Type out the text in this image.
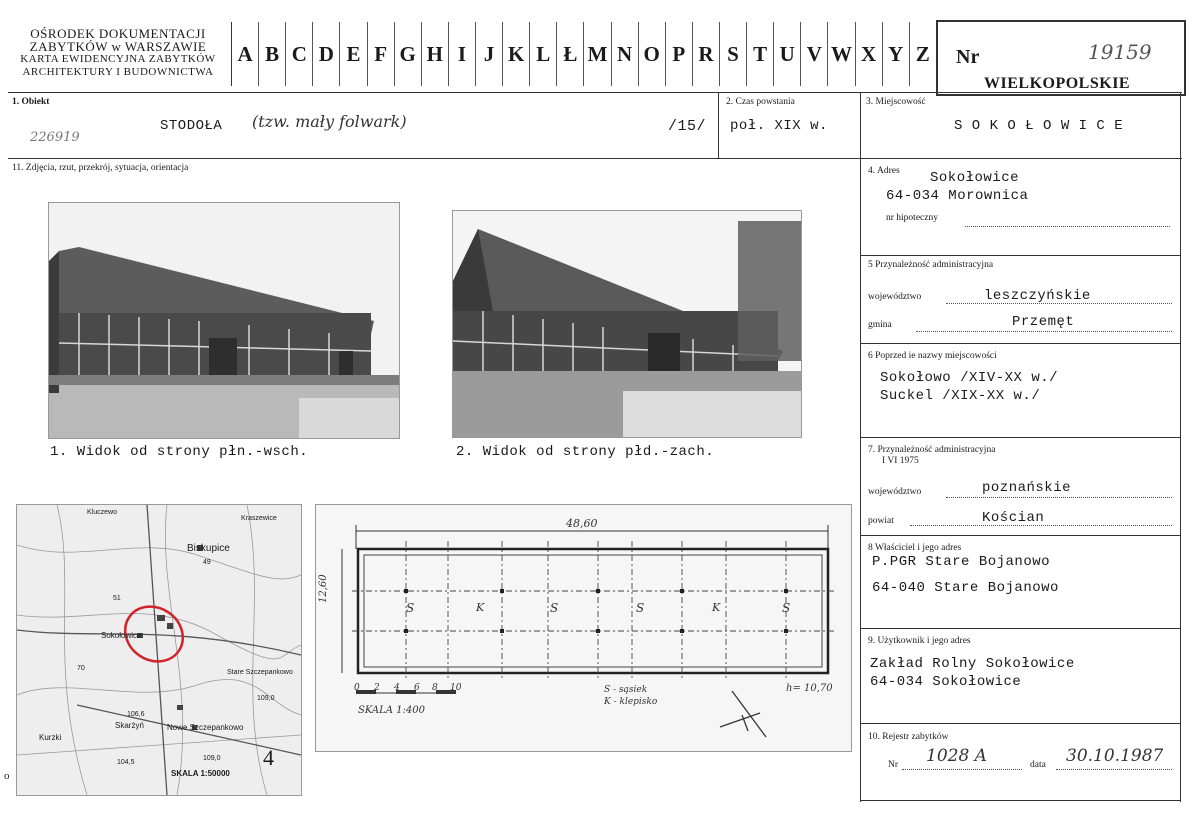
OŚRODEK DOKUMENTACJI
ZABYTKÓW w WARSZAWIE
KARTA EWIDENCYJNA ZABYTKÓW
ARCHITEKTURY I BUDOWNICTWA
A B C D E F G H I J K L Ł M N O P R S T U V W X Y Z	Nr	19159
WIELKOPOLSKIE
1. Obiekt
STODOŁA (tzw. mały folwark)	/15/
226919
2. Czas powstania
poł. XIX w.
3. Miejscowość
S O K O Ł O W I C E
11. Zdjęcia, rzut, przekrój, sytuacja, orientacja
1. Widok od strony płn.-wsch.	2. Widok od strony płd.-zach.
Biskupice
Sokołowice
Nowe Szczepankowo
Stare Szczepankowo
Kluczewo
Skarżyń
Kraszewice
Kurzki
49
51
70
109,0
104,5
106,6
109,0
SKALA 1:50000
4
o
48,60
12,60
S	K	S	S	K	S
0 2 4 6 8 10
SKALA 1:400
S - sąsiek
K - klepisko
h= 10,70
4. Adres Sokołowice
64-034 Morownica
nr hipoteczny
5 Przynależność administracyjna
województwo	leszczyńskie
gmina	Przemęt
6 Poprzed ie nazwy miejscowości
Sokołowo /XIV-XX w./
Suckel /XIX-XX w./
7. Przynależność administracyjna
I VI 1975
województwo	poznańskie
powiat	Kościan
8 Właściciel i jego adres
P.PGR Stare Bojanowo
64-040 Stare Bojanowo
9. Użytkownik i jego adres
Zakład Rolny Sokołowice
64-034 Sokołowice
10. Rejestr zabytków
Nr 1028 A	data 30.10.1987
